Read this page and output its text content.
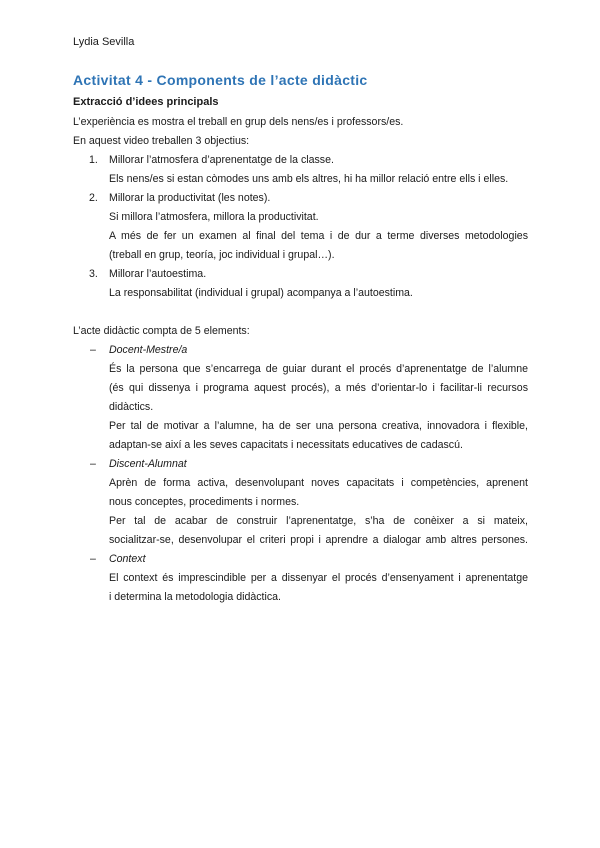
Lydia Sevilla
Activitat 4 - Components de l’acte didàctic
Extracció d’idees principals

L’experiència es mostra el treball en grup dels nens/es i professors/es.

En aquest video treballen 3 objectius:

1. Millorar l’atmosfera d’aprenentatge de la classe.
Els nens/es si estan còmodes uns amb els altres, hi ha millor relació entre ells i elles.
2. Millorar la productivitat (les notes).
Si millora l’atmosfera, millora la productivitat.
A més de fer un examen al final del tema i de dur a terme diverses metodologies
(treball en grup, teoría, joc individual i grupal…).
3. Millorar l’autoestima.
La responsabilitat (individual i grupal) acompanya a l’autoestima.

L’acte didàctic compta de 5 elements:

– Docent-Mestre/a
És la persona que s’encarrega de guiar durant el procés d’aprenentatge de l’alumne
(és qui dissenya i programa aquest procés), a més d’orientar-lo i facilitar-li recursos
didàctics.
Per tal de motivar a l’alumne, ha de ser una persona creativa, innovadora i flexible,
adaptan-se així a les seves capacitats i necessitats educatives de cadascú.
– Discent-Alumnat
Aprèn de forma activa, desenvolupant noves capacitats i competències, aprenent
nous conceptes, procediments i normes.
Per tal de acabar de construir l’aprenentatge, s’ha de conèixer a si mateix,
socialitzar-se, desenvolupar el criteri propi i aprendre a dialogar amb altres persones.
– Context
El context és imprescindible per a dissenyar el procés d’ensenyament i aprenentatge
i determina la metodologia didàctica.
